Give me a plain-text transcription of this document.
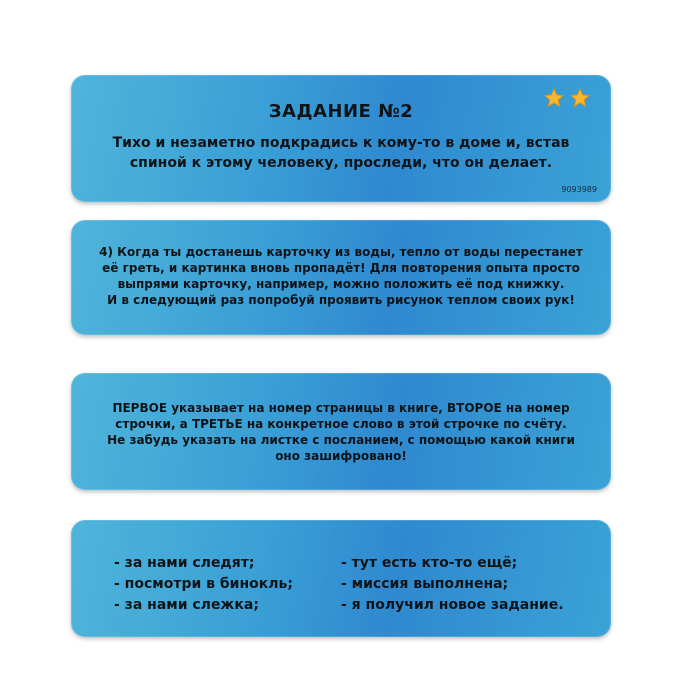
ЗАДАНИЕ №2
Тихо и незаметно подкрадись к кому-то в доме и, встав
спиной к этому человеку, проследи, что он делает.
9093989
4) Когда ты достанешь карточку из воды, тепло от воды перестанет
её греть, и картинка вновь пропадёт! Для повторения опыта просто
выпрями карточку, например, можно положить её под книжку.
И в следующий раз попробуй проявить рисунок теплом своих рук!
ПЕРВОЕ указывает на номер страницы в книге, ВТОРОЕ на номер
строчки, а ТРЕТЬЕ на конкретное слово в этой строчке по счёту.
Не забудь указать на листке с посланием, с помощью какой книги
оно зашифровано!
- за нами следят;
- посмотри в бинокль;
- за нами слежка;
- тут есть кто-то ещё;
- миссия выполнена;
- я получил новое задание.
